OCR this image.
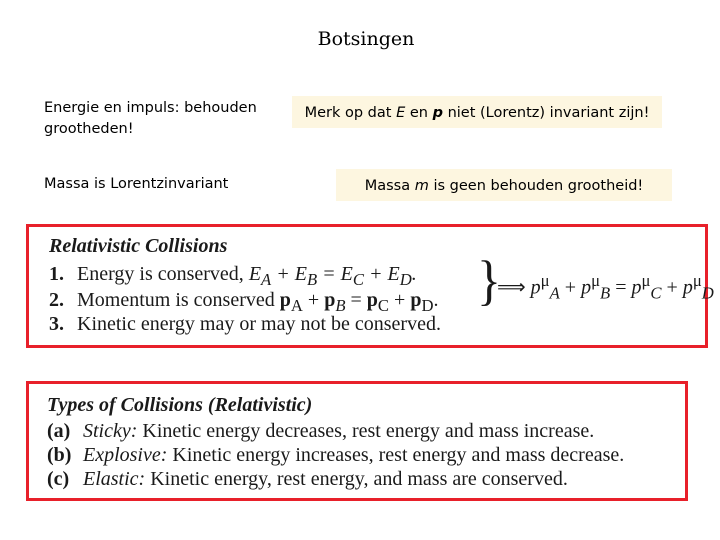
Botsingen
Energie en impuls: behouden grootheden!
Massa is Lorentzinvariant
Merk op dat E en p niet (Lorentz) invariant zijn!
Massa m is geen behouden grootheid!
Relativistic Collisions
1. Energy is conserved, $E_A + E_B = E_C + E_D$.
2. Momentum is conserved $p_A + p_B = p_C + p_D$.
3. Kinetic energy may or may not be conserved.
}
⟹ $p^\mu_A + p^\mu_B = p^\mu_C + p^\mu_D$
Types of Collisions (Relativistic)
(a) Sticky: Kinetic energy decreases, rest energy and mass increase.
(b) Explosive: Kinetic energy increases, rest energy and mass decrease.
(c) Elastic: Kinetic energy, rest energy, and mass are conserved.
